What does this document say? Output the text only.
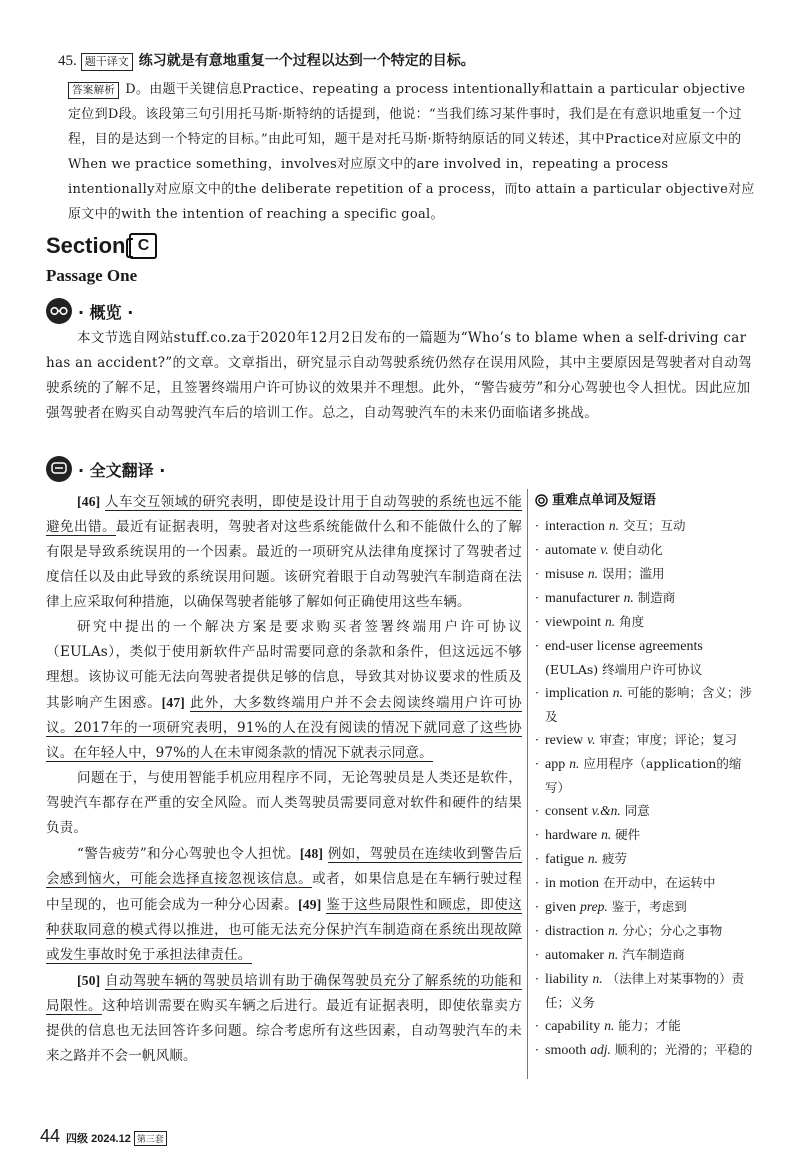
45. 题干译文 练习就是有意地重复一个过程以达到一个特定的目标。
答案解析 D。由题干关键信息Practice、repeating a process intentionally和attain a particular objective定位到D段。该段第三句引用托马斯·斯特纳的话提到，他说：“当我们练习某件事时，我们是在有意识地重复一个过程，目的是达到一个特定的目标。”由此可知，题干是对托马斯·斯特纳原话的同义转述，其中Practice对应原文中的When we practice something，involves对应原文中的are involved in，repeating a process intentionally对应原文中的the deliberate repetition of a process，而to attain a particular objective对应原文中的with the intention of reaching a specific goal。
Section C
Passage One
· 概览 ·
本文节选自网站stuff.co.za于2020年12月2日发布的一篇题为“Who’s to blame when a self-driving car has an accident?”的文章。文章指出，研究显示自动驾驶系统仍然存在误用风险，其中主要原因是驾驶者对自动驾驶系统的了解不足，且签署终端用户许可协议的效果并不理想。此外，“警告疲劳”和分心驾驶也令人担忧。因此应加强驾驶者在购买自动驾驶汽车后的培训工作。总之，自动驾驶汽车的未来仍面临诸多挑战。
· 全文翻译 ·

[46] 人车交互领域的研究表明，即使是设计用于自动驾驶的系统也远不能避免出错。最近有证据表明，驾驶者对这些系统能做什么和不能做什么的了解有限是导致系统误用的一个因素。最近的一项研究从法律角度探讨了驾驶者过度信任以及由此导致的系统误用问题。该研究着眼于自动驾驶汽车制造商在法律上应采取何种措施，以确保驾驶者能够了解如何正确使用这些车辆。

研究中提出的一个解决方案是要求购买者签署终端用户许可协议（EULAs），类似于使用新软件产品时需要同意的条款和条件，但这远远不够理想。该协议可能无法向驾驶者提供足够的信息，导致其对协议要求的性质及其影响产生困惑。[47] 此外，大多数终端用户并不会去阅读终端用户许可协议。2017年的一项研究表明，91%的人在没有阅读的情况下就同意了这些协议。在年轻人中，97%的人在未审阅条款的情况下就表示同意。

问题在于，与使用智能手机应用程序不同，无论驾驶员是人类还是软件，驾驶汽车都存在严重的安全风险。而人类驾驶员需要同意对软件和硬件的结果负责。

“警告疲劳”和分心驾驶也令人担忧。[48] 例如，驾驶员在连续收到警告后会感到恼火，可能会选择直接忽视该信息。或者，如果信息是在车辆行驶过程中呈现的，也可能会成为一种分心因素。[49] 鉴于这些局限性和顾虑，即使这种获取同意的模式得以推进，也可能无法充分保护汽车制造商在系统出现故障或发生事故时免于承担法律责任。

[50] 自动驾驶车辆的驾驶员培训有助于确保驾驶员充分了解系统的功能和局限性。这种培训需要在购买车辆之后进行。最近有证据表明，即使依靠卖方提供的信息也无法回答许多问题。综合考虑所有这些因素，自动驾驶汽车的未来之路并不会一帆风顺。

重难点单词及短语
· interaction n. 交互；互动
· automate v. 使自动化
· misuse n. 误用；滥用
· manufacturer n. 制造商
· viewpoint n. 角度
· end-user license agreements (EULAs) 终端用户许可协议
· implication n. 可能的影响；含义；涉及
· review v. 审查；审度；评论；复习
· app n. 应用程序（application的缩写）
· consent v.&n. 同意
· hardware n. 硬件
· fatigue n. 疲劳
· in motion 在开动中，在运转中
· given prep. 鉴于，考虑到
· distraction n. 分心；分心之事物
· automaker n. 汽车制造商
· liability n. （法律上对某事物的）责任；义务
· capability n. 能力；才能
· smooth adj. 顺利的；光滑的；平稳的
44 四级 2024.12 第三套
